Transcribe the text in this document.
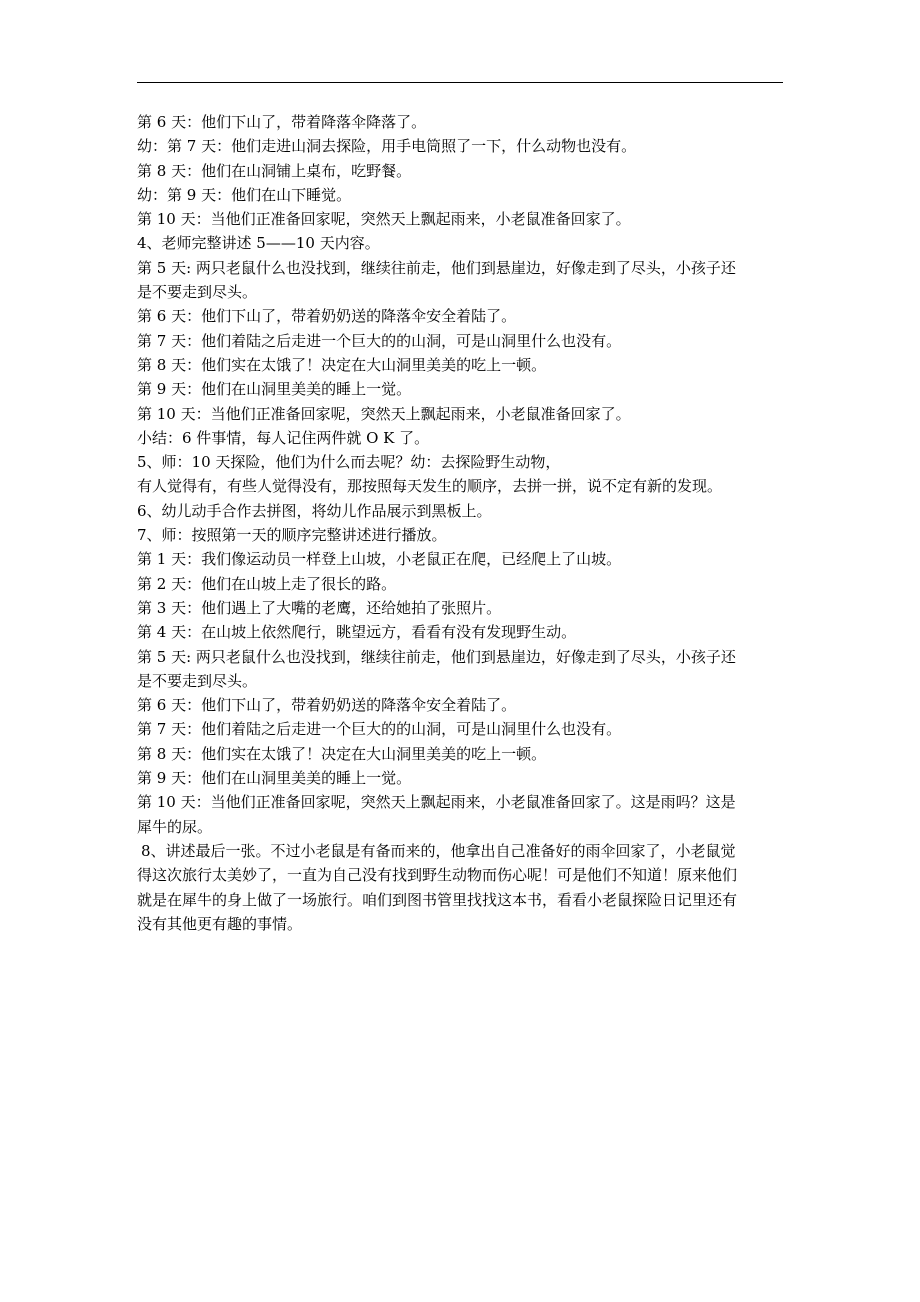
第 6 天：他们下山了，带着降落伞降落了。

幼：第 7 天：他们走进山洞去探险，用手电筒照了一下，什么动物也没有。

第 8 天：他们在山洞铺上桌布，吃野餐。

幼：第 9 天：他们在山下睡觉。

第 10 天：当他们正准备回家呢，突然天上飘起雨来，小老鼠准备回家了。

4、老师完整讲述 5——10 天内容。

第 5 天: 两只老鼠什么也没找到，继续往前走，他们到悬崖边，好像走到了尽头，小孩子还

是不要走到尽头。

第 6 天：他们下山了，带着奶奶送的降落伞安全着陆了。

第 7 天：他们着陆之后走进一个巨大的的山洞，可是山洞里什么也没有。

第 8 天：他们实在太饿了！决定在大山洞里美美的吃上一顿。

第 9 天：他们在山洞里美美的睡上一觉。

第 10 天：当他们正准备回家呢，突然天上飘起雨来，小老鼠准备回家了。

小结：6 件事情，每人记住两件就 O K 了。

5、师：10 天探险，他们为什么而去呢？幼：去探险野生动物，

有人觉得有，有些人觉得没有，那按照每天发生的顺序，去拼一拼，说不定有新的发现。

6、幼儿动手合作去拼图，将幼儿作品展示到黑板上。

7、师：按照第一天的顺序完整讲述进行播放。

第 1 天：我们像运动员一样登上山坡，小老鼠正在爬，已经爬上了山坡。

第 2 天：他们在山坡上走了很长的路。

第 3 天：他们遇上了大嘴的老鹰，还给她拍了张照片。

第 4 天：在山坡上依然爬行，眺望远方，看看有没有发现野生动。

第 5 天: 两只老鼠什么也没找到，继续往前走，他们到悬崖边，好像走到了尽头，小孩子还

是不要走到尽头。

第 6 天：他们下山了，带着奶奶送的降落伞安全着陆了。

第 7 天：他们着陆之后走进一个巨大的的山洞，可是山洞里什么也没有。

第 8 天：他们实在太饿了！决定在大山洞里美美的吃上一顿。

第 9 天：他们在山洞里美美的睡上一觉。

第 10 天：当他们正准备回家呢，突然天上飘起雨来，小老鼠准备回家了。这是雨吗？这是

犀牛的尿。

8、讲述最后一张。不过小老鼠是有备而来的，他拿出自己准备好的雨伞回家了，小老鼠觉

得这次旅行太美妙了，一直为自己没有找到野生动物而伤心呢！可是他们不知道！原来他们

就是在犀牛的身上做了一场旅行。咱们到图书管里找找这本书，看看小老鼠探险日记里还有

没有其他更有趣的事情。
